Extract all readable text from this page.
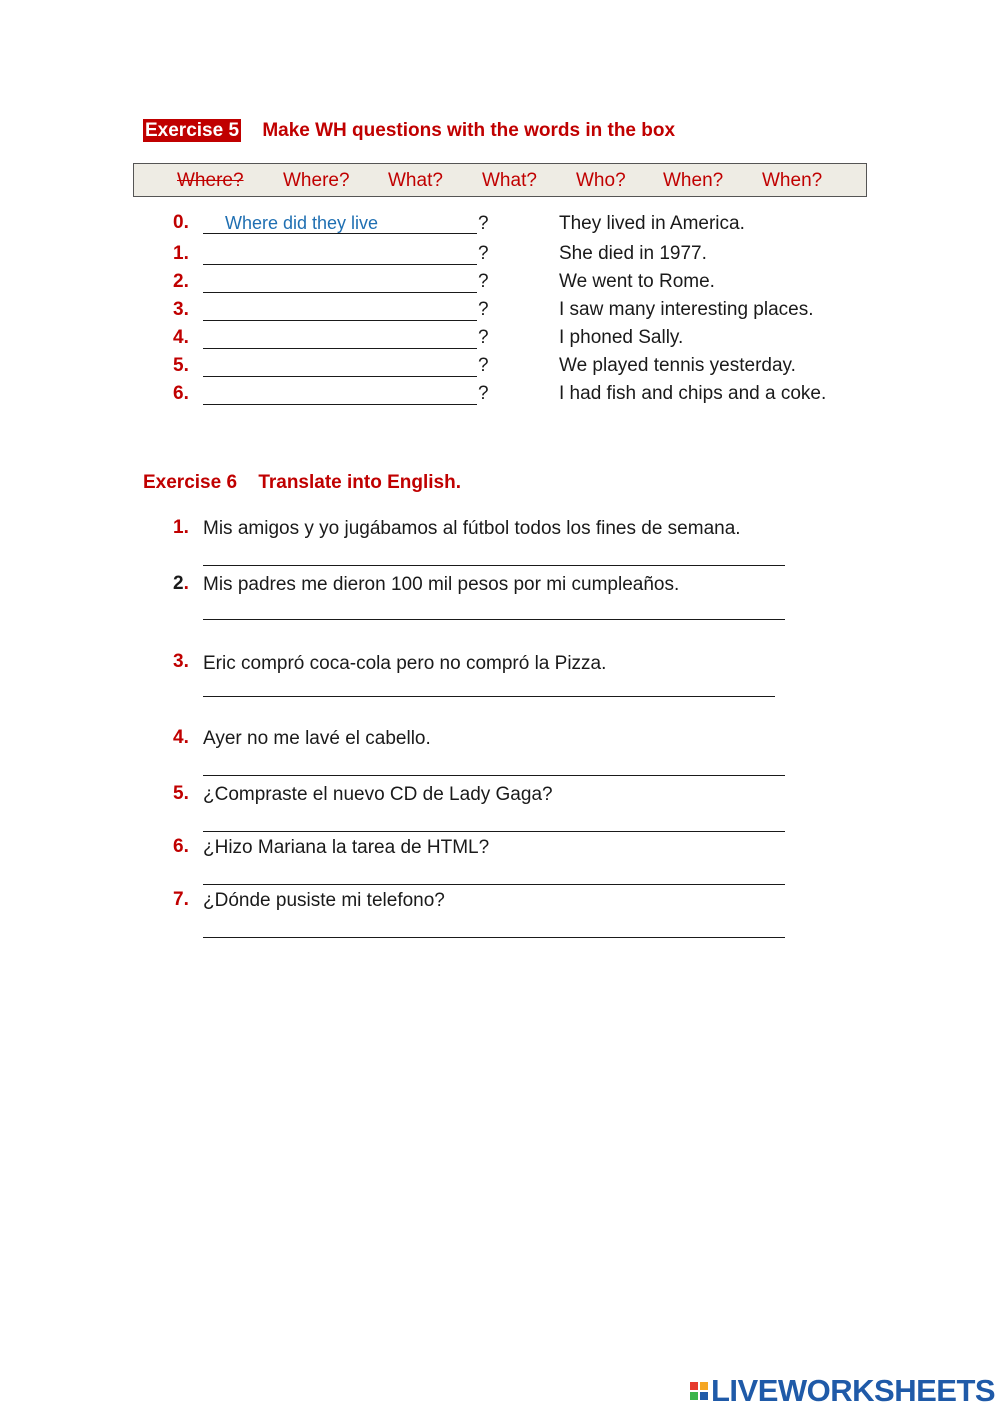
Exercise 5 Make WH questions with the words in the box
Where? Where? What? What? Who? When? When?
0. Where did they live	?	They lived in America.
1.	?	She died in 1977.
2.	?	We went to Rome.
3.	?	I saw many interesting places.
4.	?	I phoned Sally.
5.	?	We played tennis yesterday.
6.	?	I had fish and chips and a coke.
Exercise 6 Translate into English.
1. Mis amigos y yo jugábamos al fútbol todos los fines de semana.
2. Mis padres me dieron 100 mil pesos por mi cumpleaños.
3. Eric compró coca-cola pero no compró la Pizza.
4. Ayer no me lavé el cabello.
5. ¿Compraste el nuevo CD de Lady Gaga?
6. ¿Hizo Mariana la tarea de HTML?
7. ¿Dónde pusiste mi telefono?
LIVEWORKSHEETS
